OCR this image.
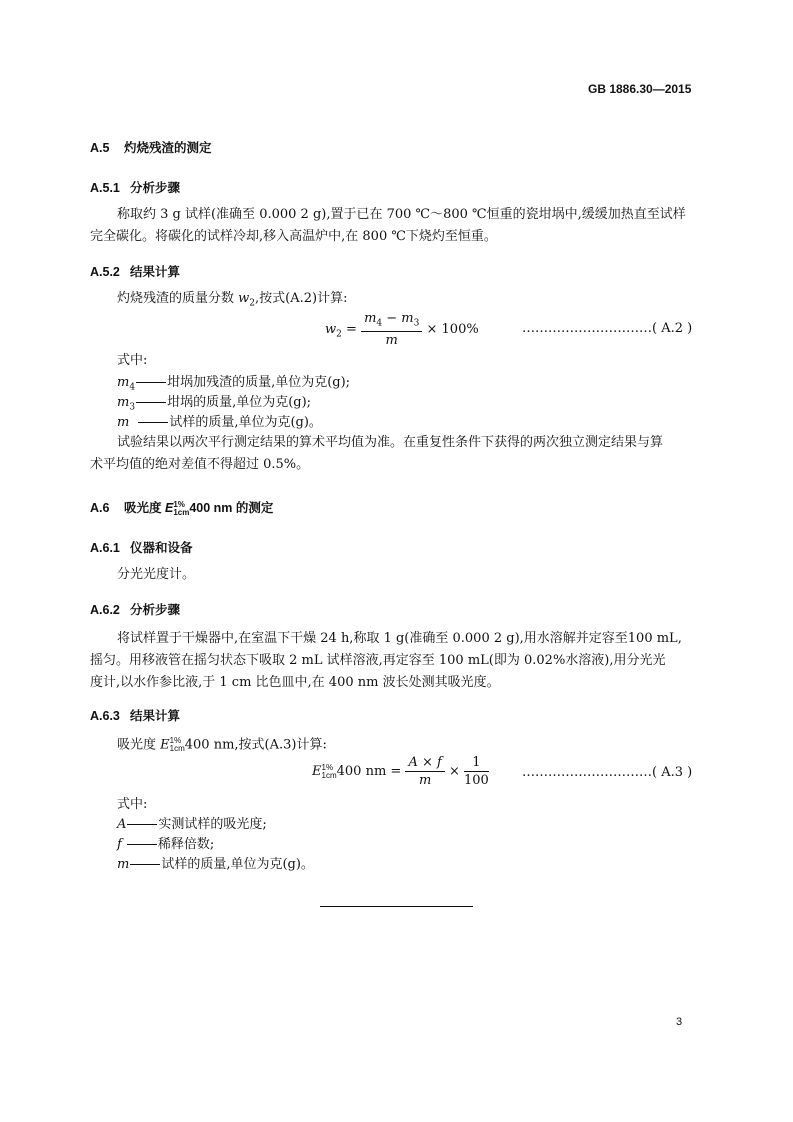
GB 1886.30—2015
A.5 灼烧残渣的测定
A.5.1 分析步骤
称取约 3 g 试样(准确至 0.000 2 g),置于已在 700 ℃～800 ℃恒重的瓷坩埚中,缓缓加热直至试样
完全碳化。将碳化的试样冷却,移入高温炉中,在 800 ℃下烧灼至恒重。
A.5.2 结果计算
灼烧残渣的质量分数 $w_2$,按式(A.2)计算:
$w_2 = \frac{m_4 - m_3}{m} \times 100\%$	…………………………( A.2 )
式中:
$m_4$ 坩埚加残渣的质量,单位为克(g);
$m_3$ 坩埚的质量,单位为克(g);
m	试样的质量,单位为克(g)。
试验结果以两次平行测定结果的算术平均值为准。在重复性条件下获得的两次独立测定结果与算
术平均值的绝对差值不得超过 0.5%。
A.6 吸光度 E 1%
1cm 400 nm 的测定
A.6.1 仪器和设备
分光光度计。
A.6.2 分析步骤
将试样置于干燥器中,在室温下干燥 24 h,称取 1 g(准确至 0.000 2 g),用水溶解并定容至100 mL,
摇匀。用移液管在摇匀状态下吸取 2 mL 试样溶液,再定容至 100 mL(即为 0.02%水溶液),用分光光
度计,以水作参比液,于 1 cm 比色皿中,在 400 nm 波长处测其吸光度。
A.6.3 结果计算
吸光度 E 1%
1cm 400 nm,按式(A.3)计算:
E 1%
1cm 400 nm = $\frac{A \times f}{m} \times \frac{1}{100}$	…………………………( A.3 )
式中:
A 实测试样的吸光度;
f	稀释倍数;
m 试样的质量,单位为克(g)。
3
